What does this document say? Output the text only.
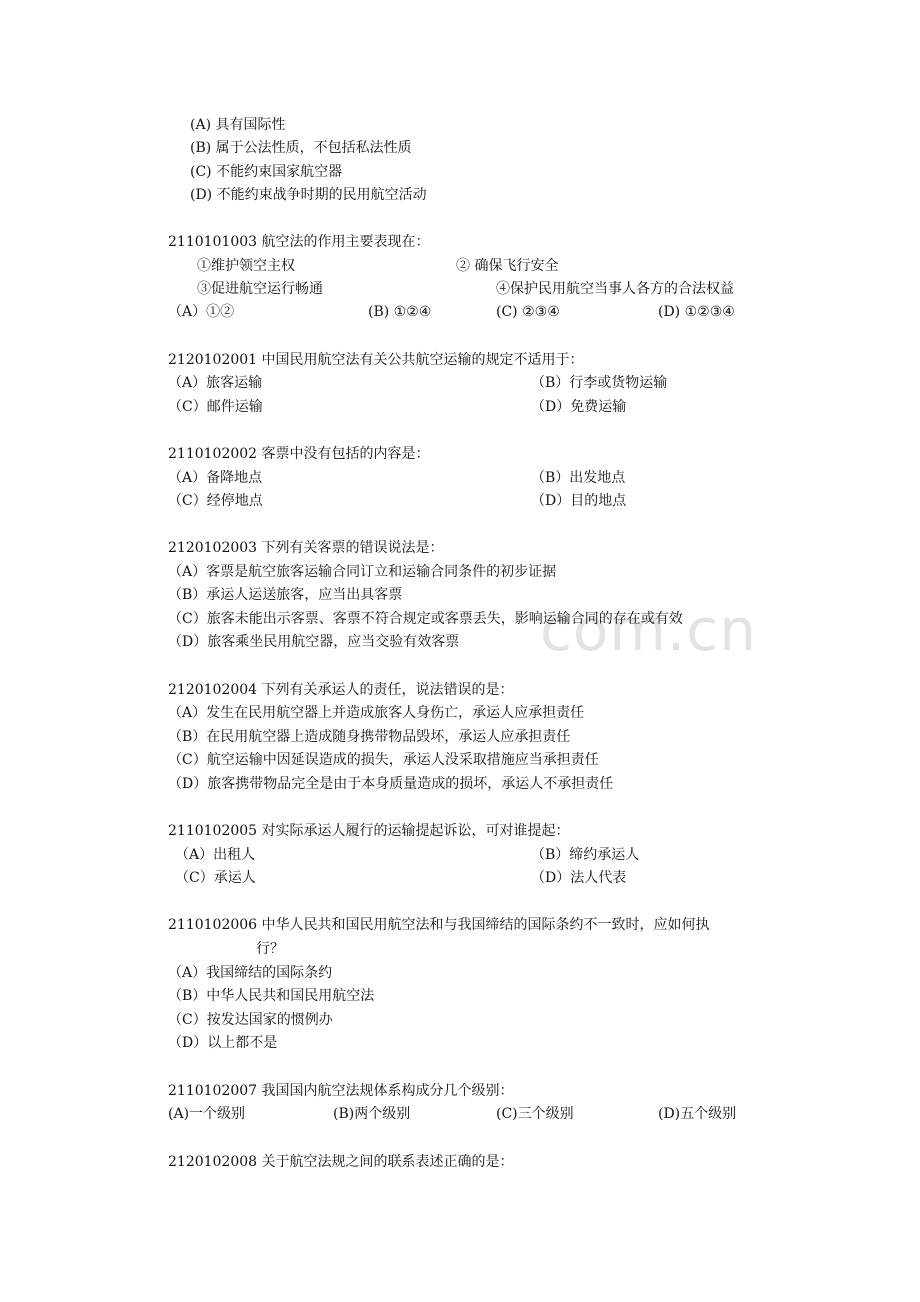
com.cn
(A) 具有国际性
(B) 属于公法性质，不包括私法性质
(C) 不能约束国家航空器
(D) 不能约束战争时期的民用航空活动
2110101003 航空法的作用主要表现在：
①维护领空主权	② 确保飞行安全
③促进航空运行畅通	④保护民用航空当事人各方的合法权益
（A）①②	(B) ①②④	(C) ②③④	(D) ①②③④
2120102001 中国民用航空法有关公共航空运输的规定不适用于：
（A）旅客运输	（B）行李或货物运输
（C）邮件运输	（D）免费运输
2110102002 客票中没有包括的内容是：
（A）备降地点	（B）出发地点
（C）经停地点	（D）目的地点
2120102003 下列有关客票的错误说法是：
（A）客票是航空旅客运输合同订立和运输合同条件的初步证据
（B）承运人运送旅客，应当出具客票
（C）旅客未能出示客票、客票不符合规定或客票丢失，影响运输合同的存在或有效
（D）旅客乘坐民用航空器，应当交验有效客票
2120102004 下列有关承运人的责任，说法错误的是：
（A）发生在民用航空器上并造成旅客人身伤亡，承运人应承担责任
（B）在民用航空器上造成随身携带物品毁坏，承运人应承担责任
（C）航空运输中因延误造成的损失，承运人没采取措施应当承担责任
（D）旅客携带物品完全是由于本身质量造成的损坏，承运人不承担责任
2110102005 对实际承运人履行的运输提起诉讼，可对谁提起：
（A）出租人	（B）缔约承运人
（C）承运人	（D）法人代表
2110102006 中华人民共和国民用航空法和与我国缔结的国际条约不一致时，应如何执
行？
（A）我国缔结的国际条约
（B）中华人民共和国民用航空法
（C）按发达国家的惯例办
（D）以上都不是
2110102007 我国国内航空法规体系构成分几个级别：
(A)一个级别	(B)两个级别	(C)三个级别	(D)五个级别
2120102008 关于航空法规之间的联系表述正确的是：
